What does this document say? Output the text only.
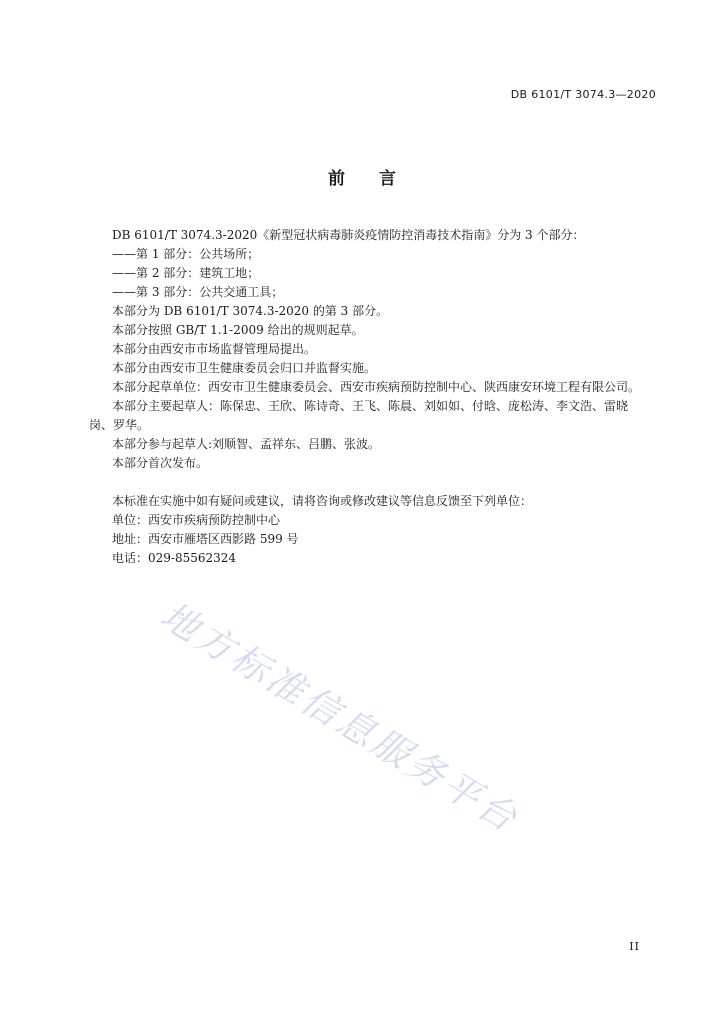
DB 6101/T 3074.3—2020
前言

DB 6101/T 3074.3-2020《新型冠状病毒肺炎疫情防控消毒技术指南》分为 3 个部分：

——第 1 部分：公共场所；

——第 2 部分：建筑工地；

——第 3 部分：公共交通工具；

本部分为 DB 6101/T 3074.3-2020 的第 3 部分。

本部分按照 GB/T 1.1-2009 给出的规则起草。

本部分由西安市市场监督管理局提出。

本部分由西安市卫生健康委员会归口并监督实施。

本部分起草单位：西安市卫生健康委员会、西安市疾病预防控制中心、陕西康安环境工程有限公司。

本部分主要起草人：陈保忠、王欣、陈诗奇、王飞、陈晨、刘如如、付晗、庞松涛、李文浩、雷晓岗、罗华。

本部分参与起草人:刘顺智、孟祥东、吕鹏、张波。

本部分首次发布。

本标准在实施中如有疑问或建议，请将咨询或修改建议等信息反馈至下列单位：

单位：西安市疾病预防控制中心

地址：西安市雁塔区西影路 599 号

电话：029-85562324

地方标准信息服务平台
II
